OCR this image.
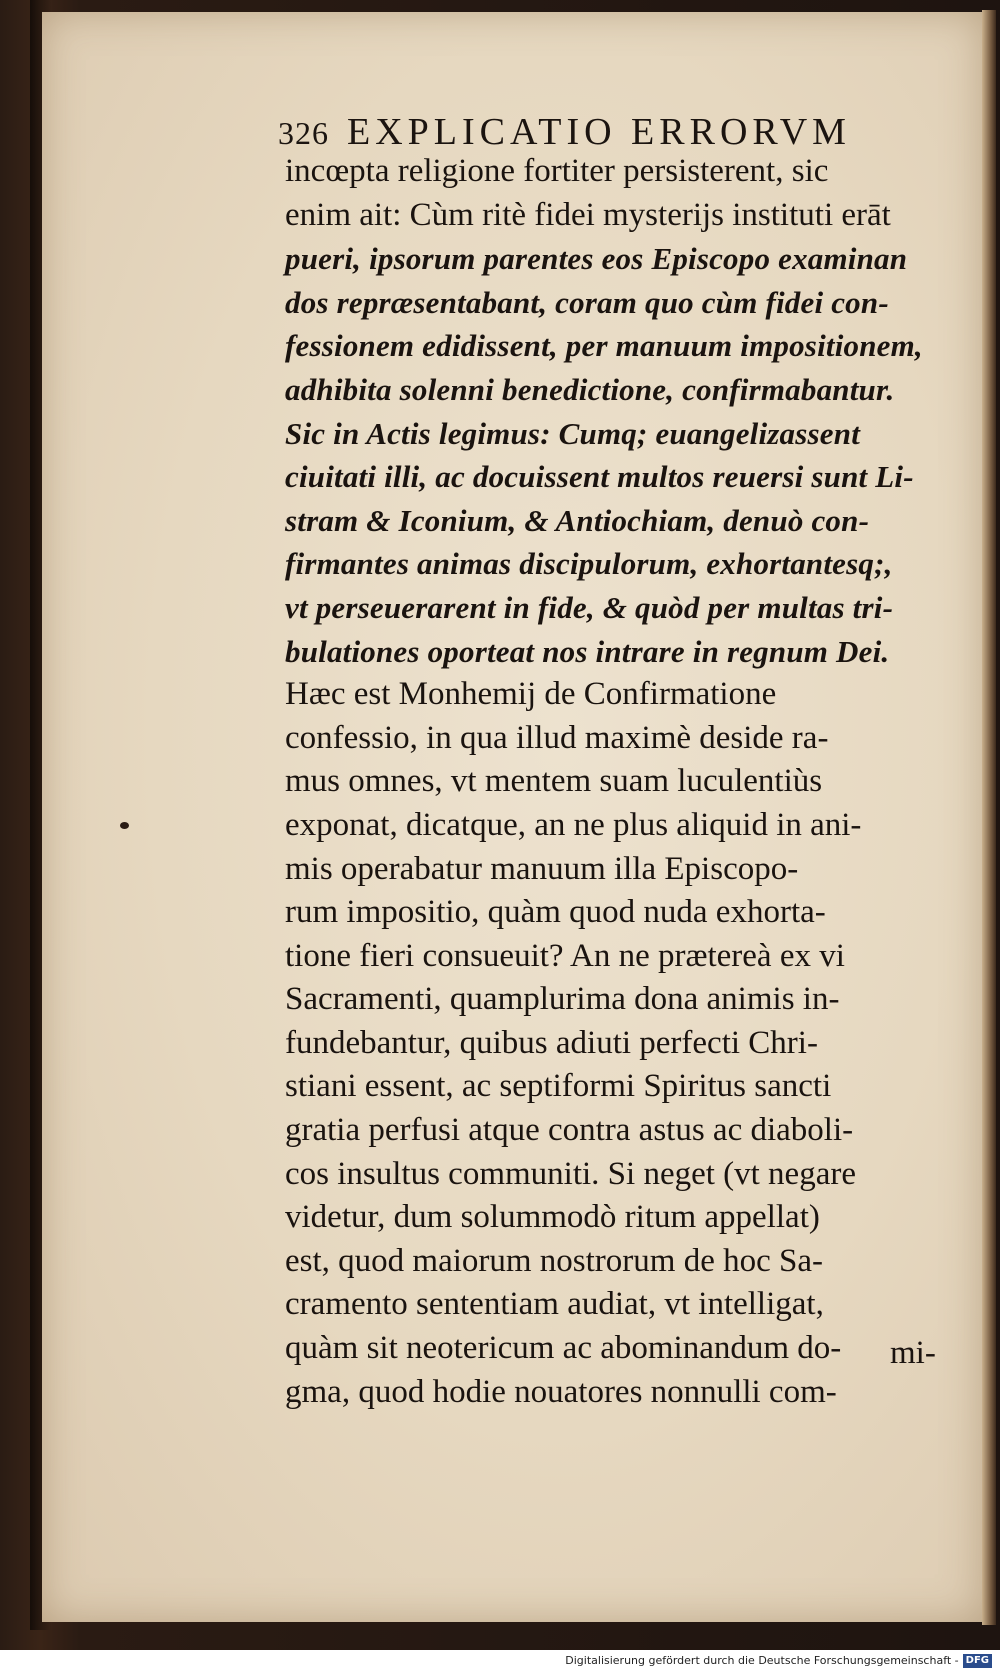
326 EXPLICATIO ERRORVM
incœpta religione fortiter persisterent, sic
enim ait: Cùm ritè fidei mysterijs instituti erāt
pueri, ipsorum parentes eos Episcopo examinan
dos repræsentabant, coram quo cùm fidei con-
fessionem edidissent, per manuum impositionem,
adhibita solenni benedictione, confirmabantur.
Sic in Actis legimus: Cumq; euangelizassent
ciuitati illi, ac docuissent multos reuersi sunt Li-
stram & Iconium, & Antiochiam, denuò con-
firmantes animas discipulorum, exhortantesq;,
vt perseuerarent in fide, & quòd per multas tri-
bulationes oporteat nos intrare in regnum Dei.
Hæc est Monhemij de Confirmatione
confessio, in qua illud maximè deside ra-
mus omnes, vt mentem suam luculentiùs
exponat, dicatque, an ne plus aliquid in ani-
mis operabatur manuum illa Episcopo-
rum impositio, quàm quod nuda exhorta-
tione fieri consueuit? An ne prætereà ex vi
Sacramenti, quamplurima dona animis in-
fundebantur, quibus adiuti perfecti Chri-
stiani essent, ac septiformi Spiritus sancti
gratia perfusi atque contra astus ac diaboli-
cos insultus communiti. Si neget (vt negare
videtur, dum solummodò ritum appellat)
est, quod maiorum nostrorum de hoc Sa-
cramento sententiam audiat, vt intelligat,
quàm sit neotericum ac abominandum do-
gma, quod hodie nouatores nonnulli com-
mi-
Digitalisierung gefördert durch die Deutsche Forschungsgemeinschaft - DFG
